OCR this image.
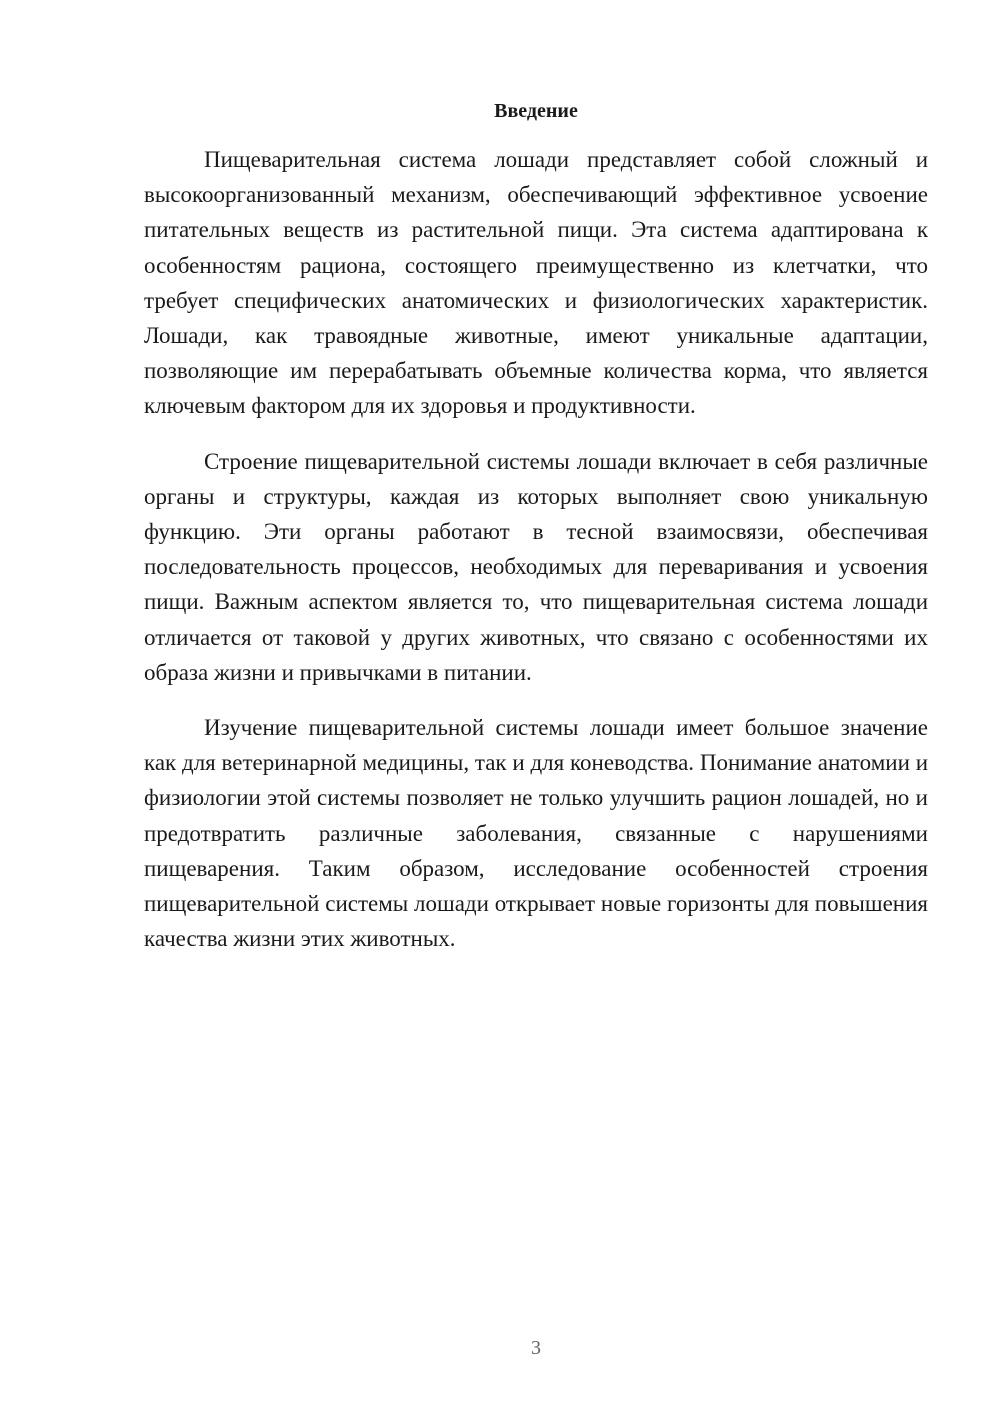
Введение

Пищеварительная система лошади представляет собой сложный и высокоорганизованный механизм, обеспечивающий эффективное усвоение питательных веществ из растительной пищи. Эта система адаптирована к особенностям рациона, состоящего преимущественно из клетчатки, что требует специфических анатомических и физиологических характеристик. Лошади, как травоядные животные, имеют уникальные адаптации, позволяющие им перерабатывать объемные количества корма, что является ключевым фактором для их здоровья и продуктивности.

Строение пищеварительной системы лошади включает в себя различные органы и структуры, каждая из которых выполняет свою уникальную функцию. Эти органы работают в тесной взаимосвязи, обеспечивая последовательность процессов, необходимых для переваривания и усвоения пищи. Важным аспектом является то, что пищеварительная система лошади отличается от таковой у других животных, что связано с особенностями их образа жизни и привычками в питании.

Изучение пищеварительной системы лошади имеет большое значение как для ветеринарной медицины, так и для коневодства. Понимание анатомии и физиологии этой системы позволяет не только улучшить рацион лошадей, но и предотвратить различные заболевания, связанные с нарушениями пищеварения. Таким образом, исследование особенностей строения пищеварительной системы лошади открывает новые горизонты для повышения качества жизни этих животных.

3
